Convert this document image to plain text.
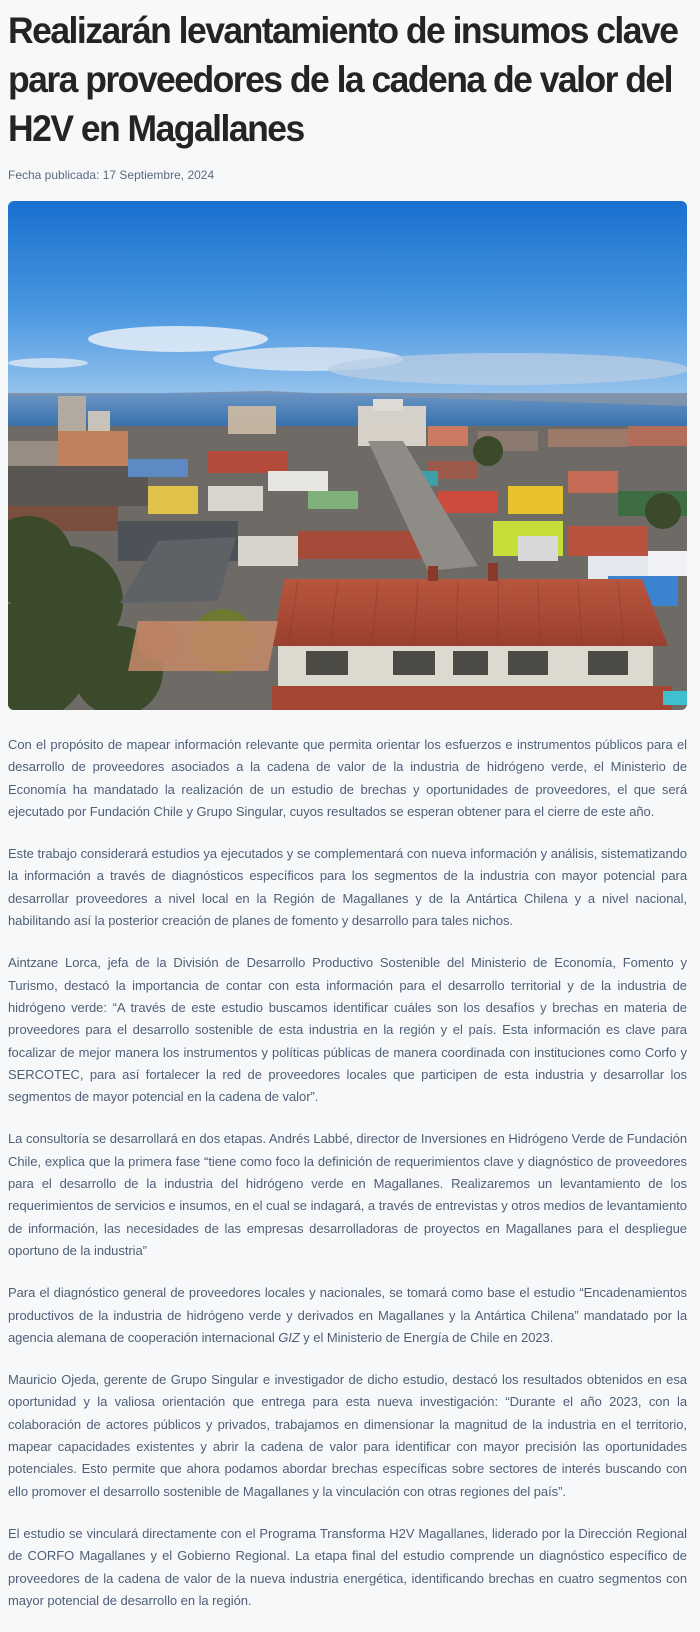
Realizarán levantamiento de insumos clave para proveedores de la cadena de valor del H2V en Magallanes
Fecha publicada: 17 Septiembre, 2024

Con el propósito de mapear información relevante que permita orientar los esfuerzos e instrumentos públicos para el desarrollo de proveedores asociados a la cadena de valor de la industria de hidrógeno verde, el Ministerio de Economía ha mandatado la realización de un estudio de brechas y oportunidades de proveedores, el que será ejecutado por Fundación Chile y Grupo Singular, cuyos resultados se esperan obtener para el cierre de este año.

Este trabajo considerará estudios ya ejecutados y se complementará con nueva información y análisis, sistematizando la información a través de diagnósticos específicos para los segmentos de la industria con mayor potencial para desarrollar proveedores a nivel local en la Región de Magallanes y de la Antártica Chilena y a nivel nacional, habilitando así la posterior creación de planes de fomento y desarrollo para tales nichos.

Aintzane Lorca, jefa de la División de Desarrollo Productivo Sostenible del Ministerio de Economía, Fomento y Turismo, destacó la importancia de contar con esta información para el desarrollo territorial y de la industria de hidrógeno verde: “A través de este estudio buscamos identificar cuáles son los desafíos y brechas en materia de proveedores para el desarrollo sostenible de esta industria en la región y el país. Esta información es clave para focalizar de mejor manera los instrumentos y políticas públicas de manera coordinada con instituciones como Corfo y SERCOTEC, para así fortalecer la red de proveedores locales que participen de esta industria y desarrollar los segmentos de mayor potencial en la cadena de valor”.

La consultoría se desarrollará en dos etapas. Andrés Labbé, director de Inversiones en Hidrógeno Verde de Fundación Chile, explica que la primera fase “tiene como foco la definición de requerimientos clave y diagnóstico de proveedores para el desarrollo de la industria del hidrógeno verde en Magallanes. Realizaremos un levantamiento de los requerimientos de servicios e insumos, en el cual se indagará, a través de entrevistas y otros medios de levantamiento de información, las necesidades de las empresas desarrolladoras de proyectos en Magallanes para el despliegue oportuno de la industria”

Para el diagnóstico general de proveedores locales y nacionales, se tomará como base el estudio “Encadenamientos productivos de la industria de hidrógeno verde y derivados en Magallanes y la Antártica Chilena” mandatado por la agencia alemana de cooperación internacional GIZ y el Ministerio de Energía de Chile en 2023.

Mauricio Ojeda, gerente de Grupo Singular e investigador de dicho estudio, destacó los resultados obtenidos en esa oportunidad y la valiosa orientación que entrega para esta nueva investigación: “Durante el año 2023, con la colaboración de actores públicos y privados, trabajamos en dimensionar la magnitud de la industria en el territorio, mapear capacidades existentes y abrir la cadena de valor para identificar con mayor precisión las oportunidades potenciales. Esto permite que ahora podamos abordar brechas específicas sobre sectores de interés buscando con ello promover el desarrollo sostenible de Magallanes y la vinculación con otras regiones del país”.

El estudio se vinculará directamente con el Programa Transforma H2V Magallanes, liderado por la Dirección Regional de CORFO Magallanes y el Gobierno Regional. La etapa final del estudio comprende un diagnóstico específico de proveedores de la cadena de valor de la nueva industria energética, identificando brechas en cuatro segmentos con mayor potencial de desarrollo en la región.
